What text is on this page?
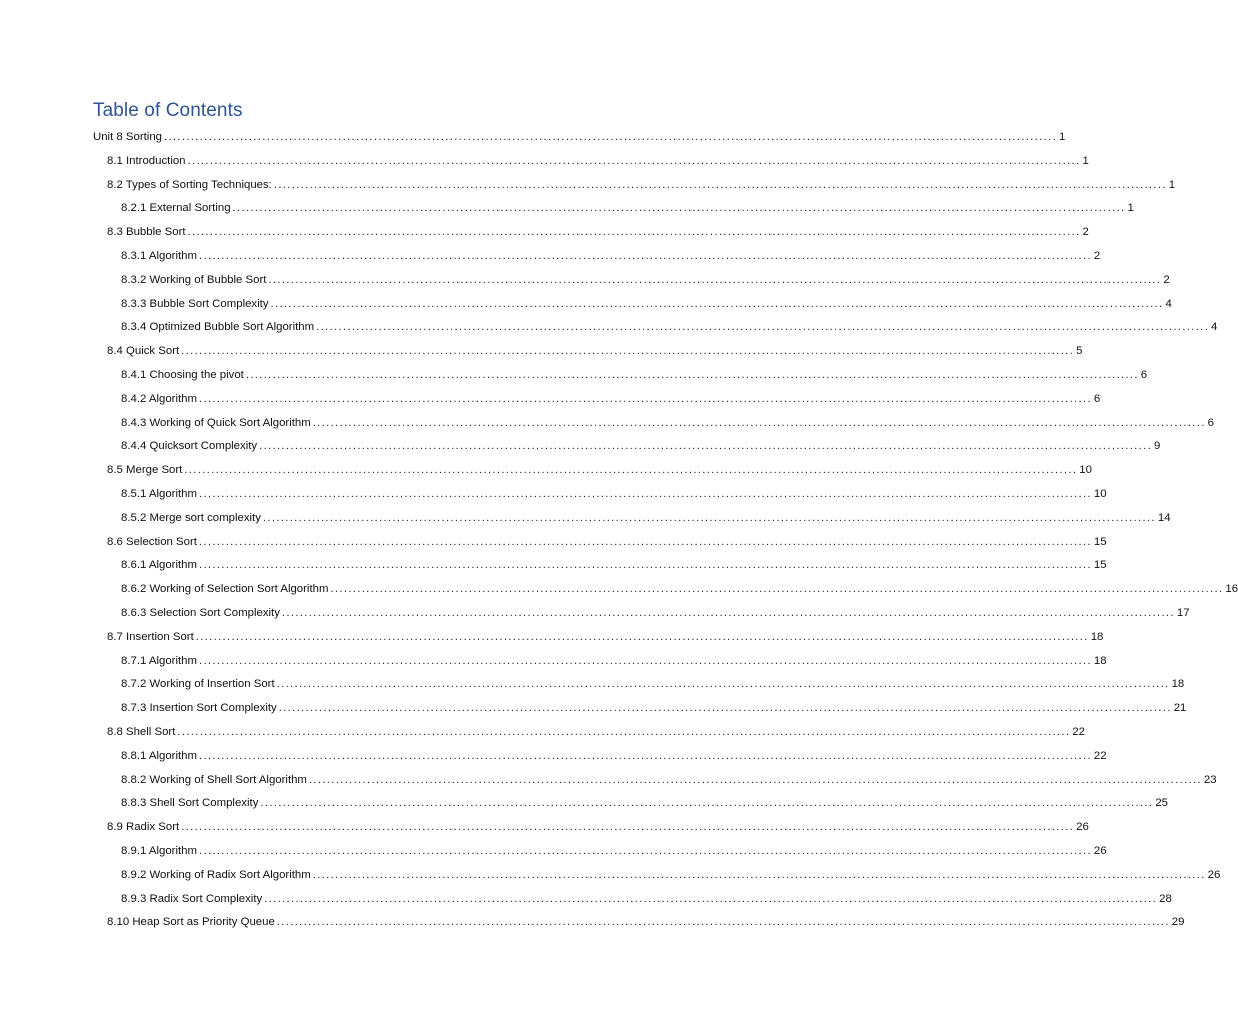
Table of Contents
Unit 8 Sorting ........................................................................................................................................................................................................ 1
8.1 Introduction ........................................................................................................................................................................................................ 1
8.2 Types of Sorting Techniques: ........................................................................................................................................................................................................ 1
8.2.1 External Sorting ........................................................................................................................................................................................................ 1
8.3 Bubble Sort ........................................................................................................................................................................................................ 2
8.3.1 Algorithm ........................................................................................................................................................................................................ 2
8.3.2 Working of Bubble Sort ........................................................................................................................................................................................................ 2
8.3.3 Bubble Sort Complexity ........................................................................................................................................................................................................ 4
8.3.4 Optimized Bubble Sort Algorithm ........................................................................................................................................................................................................ 4
8.4 Quick Sort ........................................................................................................................................................................................................ 5
8.4.1 Choosing the pivot ........................................................................................................................................................................................................ 6
8.4.2 Algorithm ........................................................................................................................................................................................................ 6
8.4.3 Working of Quick Sort Algorithm ........................................................................................................................................................................................................ 6
8.4.4 Quicksort Complexity ........................................................................................................................................................................................................ 9
8.5 Merge Sort ........................................................................................................................................................................................................ 10
8.5.1 Algorithm ........................................................................................................................................................................................................ 10
8.5.2 Merge sort complexity ........................................................................................................................................................................................................ 14
8.6 Selection Sort ........................................................................................................................................................................................................ 15
8.6.1 Algorithm ........................................................................................................................................................................................................ 15
8.6.2 Working of Selection Sort Algorithm ........................................................................................................................................................................................................ 16
8.6.3 Selection Sort Complexity ........................................................................................................................................................................................................ 17
8.7 Insertion Sort ........................................................................................................................................................................................................ 18
8.7.1 Algorithm ........................................................................................................................................................................................................ 18
8.7.2 Working of Insertion Sort ........................................................................................................................................................................................................ 18
8.7.3 Insertion Sort Complexity ........................................................................................................................................................................................................ 21
8.8 Shell Sort ........................................................................................................................................................................................................ 22
8.8.1 Algorithm ........................................................................................................................................................................................................ 22
8.8.2 Working of Shell Sort Algorithm ........................................................................................................................................................................................................ 23
8.8.3 Shell Sort Complexity ........................................................................................................................................................................................................ 25
8.9 Radix Sort ........................................................................................................................................................................................................ 26
8.9.1 Algorithm ........................................................................................................................................................................................................ 26
8.9.2 Working of Radix Sort Algorithm ........................................................................................................................................................................................................ 26
8.9.3 Radix Sort Complexity ........................................................................................................................................................................................................ 28
8.10 Heap Sort as Priority Queue ........................................................................................................................................................................................................ 29
